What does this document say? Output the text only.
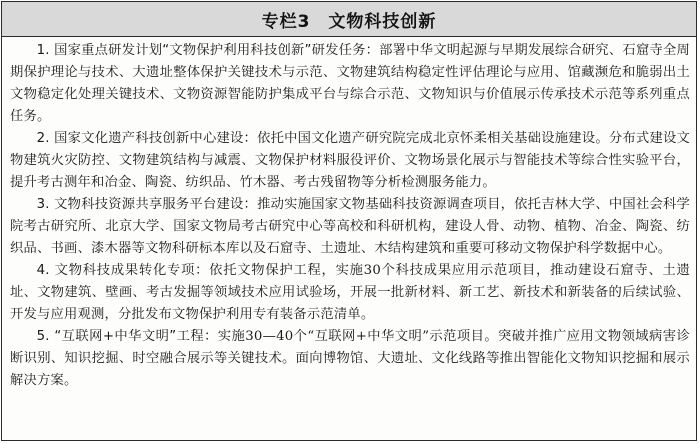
专栏3 文物科技创新

1. 国家重点研发计划“文物保护利用科技创新”研发任务：部署中华文明起源与早期发展综合研究、石窟寺全周期保护理论与技术、大遗址整体保护关键技术与示范、文物建筑结构稳定性评估理论与应用、馆藏濒危和脆弱出土文物稳定化处理关键技术、文物资源智能防护集成平台与综合示范、文物知识与价值展示传承技术示范等系列重点任务。

2. 国家文化遗产科技创新中心建设：依托中国文化遗产研究院完成北京怀柔相关基础设施建设。分布式建设文物建筑火灾防控、文物建筑结构与减震、文物保护材料服役评价、文物场景化展示与智能技术等综合性实验平台，提升考古测年和冶金、陶瓷、纺织品、竹木器、考古残留物等分析检测服务能力。

3. 文物科技资源共享服务平台建设：推动实施国家文物基础科技资源调查项目，依托吉林大学、中国社会科学院考古研究所、北京大学、国家文物局考古研究中心等高校和科研机构，建设人骨、动物、植物、冶金、陶瓷、纺织品、书画、漆木器等文物科研标本库以及石窟寺、土遗址、木结构建筑和重要可移动文物保护科学数据中心。

4. 文物科技成果转化专项：依托文物保护工程，实施30个科技成果应用示范项目，推动建设石窟寺、土遗址、文物建筑、壁画、考古发掘等领域技术应用试验场，开展一批新材料、新工艺、新技术和新装备的后续试验、开发与应用观测，分批发布文物保护利用专有装备示范清单。

5. “互联网+中华文明”工程：实施30—40个“互联网+中华文明”示范项目。突破并推广应用文物领域病害诊断识别、知识挖掘、时空融合展示等关键技术。面向博物馆、大遗址、文化线路等推出智能化文物知识挖掘和展示解决方案。
